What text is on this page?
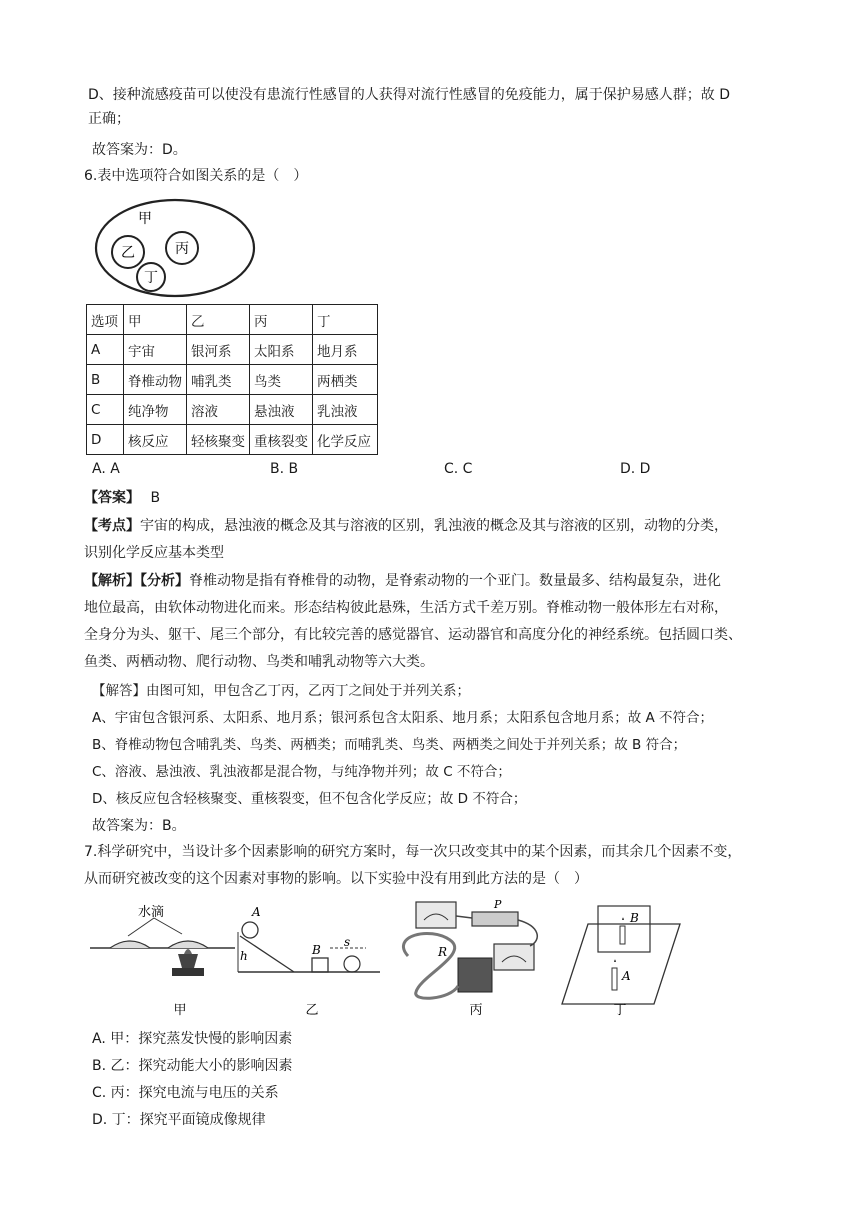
D、接种流感疫苗可以使没有患流行性感冒的人获得对流行性感冒的免疫能力，属于保护易感人群；故 D
正确；
故答案为：D。
6.表中选项符合如图关系的是（　）
甲
乙	丙
丁
选项	甲	乙	丙	丁
A	宇宙	银河系	太阳系	地月系
B	脊椎动物	哺乳类	鸟类	两栖类
C	纯净物	溶液	悬浊液	乳浊液
D	核反应	轻核聚变	重核裂变	化学反应
A. A	B. B	C. C	D. D
【答案】 B
【考点】宇宙的构成，悬浊液的概念及其与溶液的区别，乳浊液的概念及其与溶液的区别，动物的分类，
识别化学反应基本类型
【解析】【分析】脊椎动物是指有脊椎骨的动物，是脊索动物的一个亚门。数量最多、结构最复杂，进化
地位最高，由软体动物进化而来。形态结构彼此悬殊，生活方式千差万别。脊椎动物一般体形左右对称，
全身分为头、躯干、尾三个部分，有比较完善的感觉器官、运动器官和高度分化的神经系统。包括圆口类、
鱼类、两栖动物、爬行动物、鸟类和哺乳动物等六大类。
【解答】由图可知，甲包含乙丁丙，乙丙丁之间处于并列关系；
A、宇宙包含银河系、太阳系、地月系；银河系包含太阳系、地月系；太阳系包含地月系；故 A 不符合；
B、脊椎动物包含哺乳类、鸟类、两栖类；而哺乳类、鸟类、两栖类之间处于并列关系；故 B 符合；
C、溶液、悬浊液、乳浊液都是混合物，与纯净物并列；故 C 不符合；
D、核反应包含轻核聚变、重核裂变，但不包含化学反应；故 D 不符合；
故答案为：B。
7.科学研究中，当设计多个因素影响的研究方案时，每一次只改变其中的某个因素，而其余几个因素不变，
从而研究被改变的这个因素对事物的影响。以下实验中没有用到此方法的是（　）
水滴
甲
A
h	B
s
乙
P
R
丙
B
A
丁
A. 甲：探究蒸发快慢的影响因素
B. 乙：探究动能大小的影响因素
C. 丙：探究电流与电压的关系
D. 丁：探究平面镜成像规律
